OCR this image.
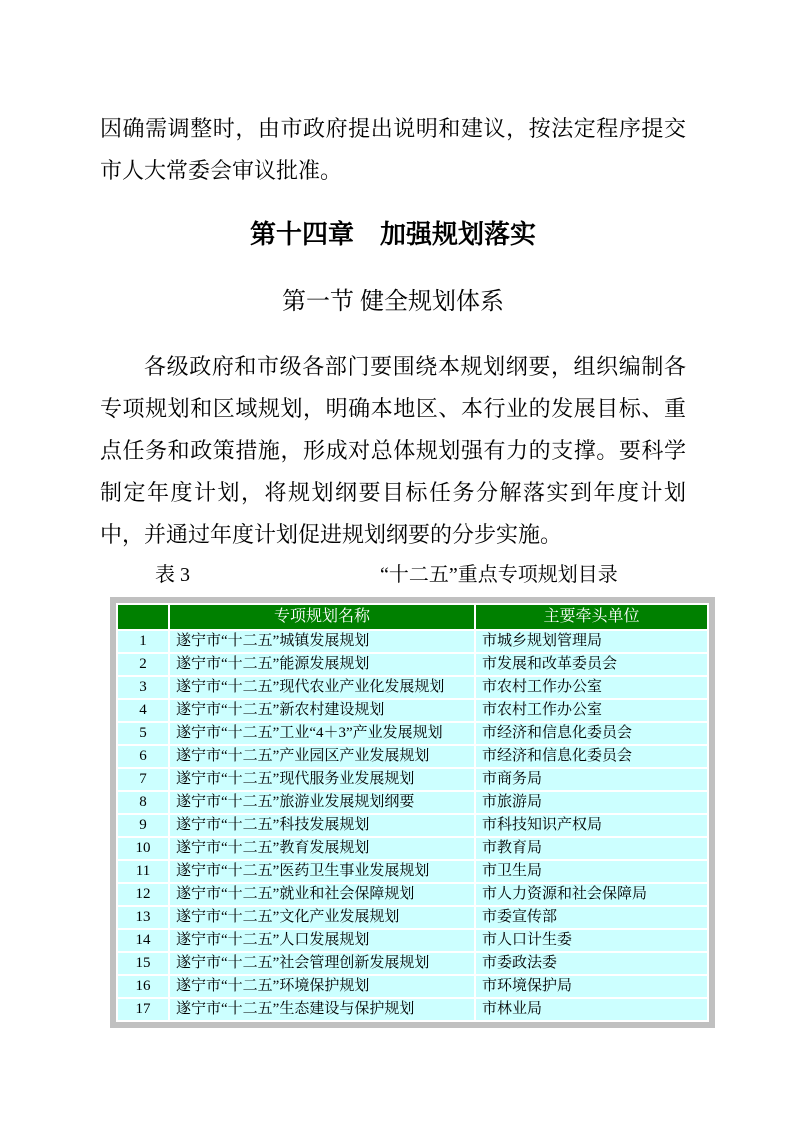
因确需调整时，由市政府提出说明和建议，按法定程序提交市人大常委会审议批准。

第十四章　加强规划落实
第一节 健全规划体系

各级政府和市级各部门要围绕本规划纲要，组织编制各专项规划和区域规划，明确本地区、本行业的发展目标、重点任务和政策措施，形成对总体规划强有力的支撑。要科学制定年度计划，将规划纲要目标任务分解落实到年度计划中，并通过年度计划促进规划纲要的分步实施。

表 3	“十二五”重点专项规划目录
	专项规划名称	主要牵头单位
1	遂宁市“十二五”城镇发展规划	市城乡规划管理局
2	遂宁市“十二五”能源发展规划	市发展和改革委员会
3	遂宁市“十二五”现代农业产业化发展规划	市农村工作办公室
4	遂宁市“十二五”新农村建设规划	市农村工作办公室
5	遂宁市“十二五”工业“4＋3”产业发展规划	市经济和信息化委员会
6	遂宁市“十二五”产业园区产业发展规划	市经济和信息化委员会
7	遂宁市“十二五”现代服务业发展规划	市商务局
8	遂宁市“十二五”旅游业发展规划纲要	市旅游局
9	遂宁市“十二五”科技发展规划	市科技知识产权局
10	遂宁市“十二五”教育发展规划	市教育局
11	遂宁市“十二五”医药卫生事业发展规划	市卫生局
12	遂宁市“十二五”就业和社会保障规划	市人力资源和社会保障局
13	遂宁市“十二五”文化产业发展规划	市委宣传部
14	遂宁市“十二五”人口发展规划	市人口计生委
15	遂宁市“十二五”社会管理创新发展规划	市委政法委
16	遂宁市“十二五”环境保护规划	市环境保护局
17	遂宁市“十二五”生态建设与保护规划	市林业局
